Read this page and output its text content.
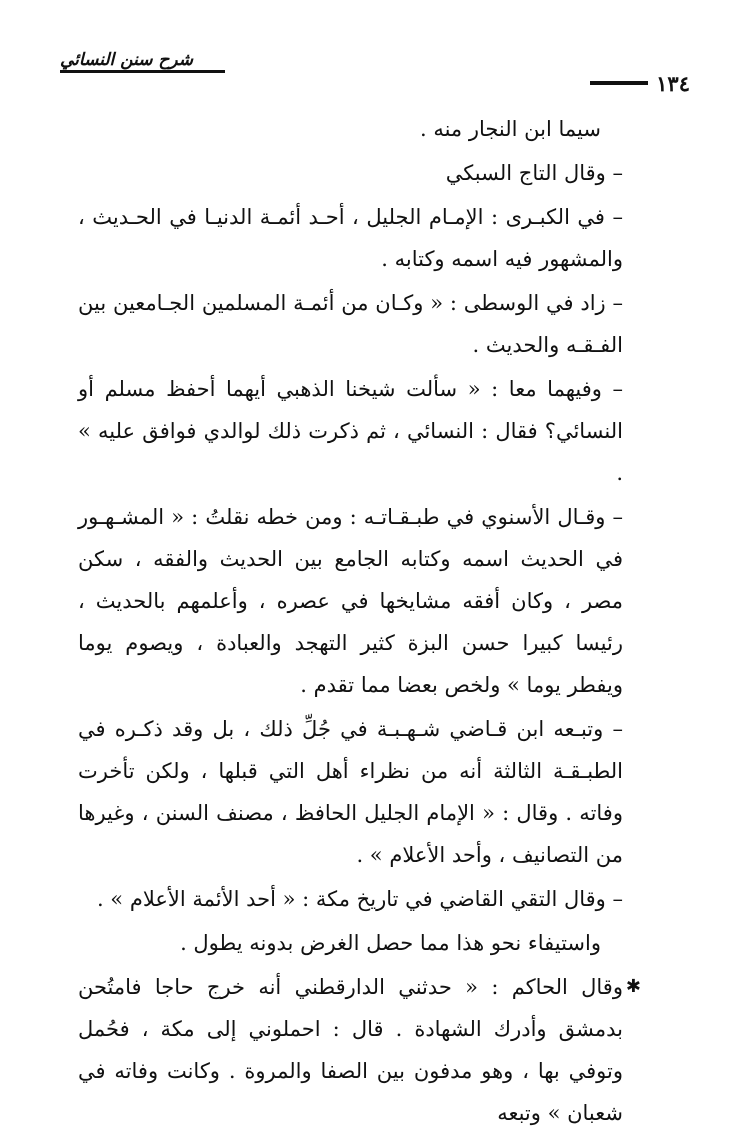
شرح سنن النسائي
١٣٤

سيما ابن النجار منه .

– وقال التاج السبكي

– في الكبـرى : الإمـام الجليل ، أحـد أئمـة الدنيـا في الحـديث ، والمشهور فيه اسمه وكتابه .

– زاد في الوسطى : « وكـان من أئمـة المسلمين الجـامعين بين الفـقـه والحديث .

– وفيهما معا : « سألت شيخنا الذهبي أيهما أحفظ مسلم أو النسائي؟ فقال : النسائي ، ثم ذكرت ذلك لوالدي فوافق عليه » .

– وقـال الأسنوي في طبـقـاتـه : ومن خطه نقلتُ : « المشـهـور في الحديث اسمه وكتابه الجامع بين الحديث والفقه ، سكن مصر ، وكان أفقه مشايخها في عصره ، وأعلمهم بالحديث ، رئيسا كبيرا حسن البزة كثير التهجد والعبادة ، ويصوم يوما ويفطر يوما » ولخص بعضا مما تقدم .

– وتبـعه ابن قـاضي شـهـبـة في جُلِّ ذلك ، بل وقد ذكـره في الطبـقـة الثالثة أنه من نظراء أهل التي قبلها ، ولكن تأخرت وفاته . وقال : « الإمام الجليل الحافظ ، مصنف السنن ، وغيرها من التصانيف ، وأحد الأعلام » .

– وقال التقي القاضي في تاريخ مكة : « أحد الأئمة الأعلام » .

واستيفاء نحو هذا مما حصل الغرض بدونه يطول .

✱
وقال الحاكم : « حدثني الدارقطني أنه خرج حاجا فامتُحن بدمشق وأدرك الشهادة . قال : احملوني إلى مكة ، فحُمل وتوفي بها ، وهو مدفون بين الصفا والمروة . وكانت وفاته في شعبان » وتبعه
